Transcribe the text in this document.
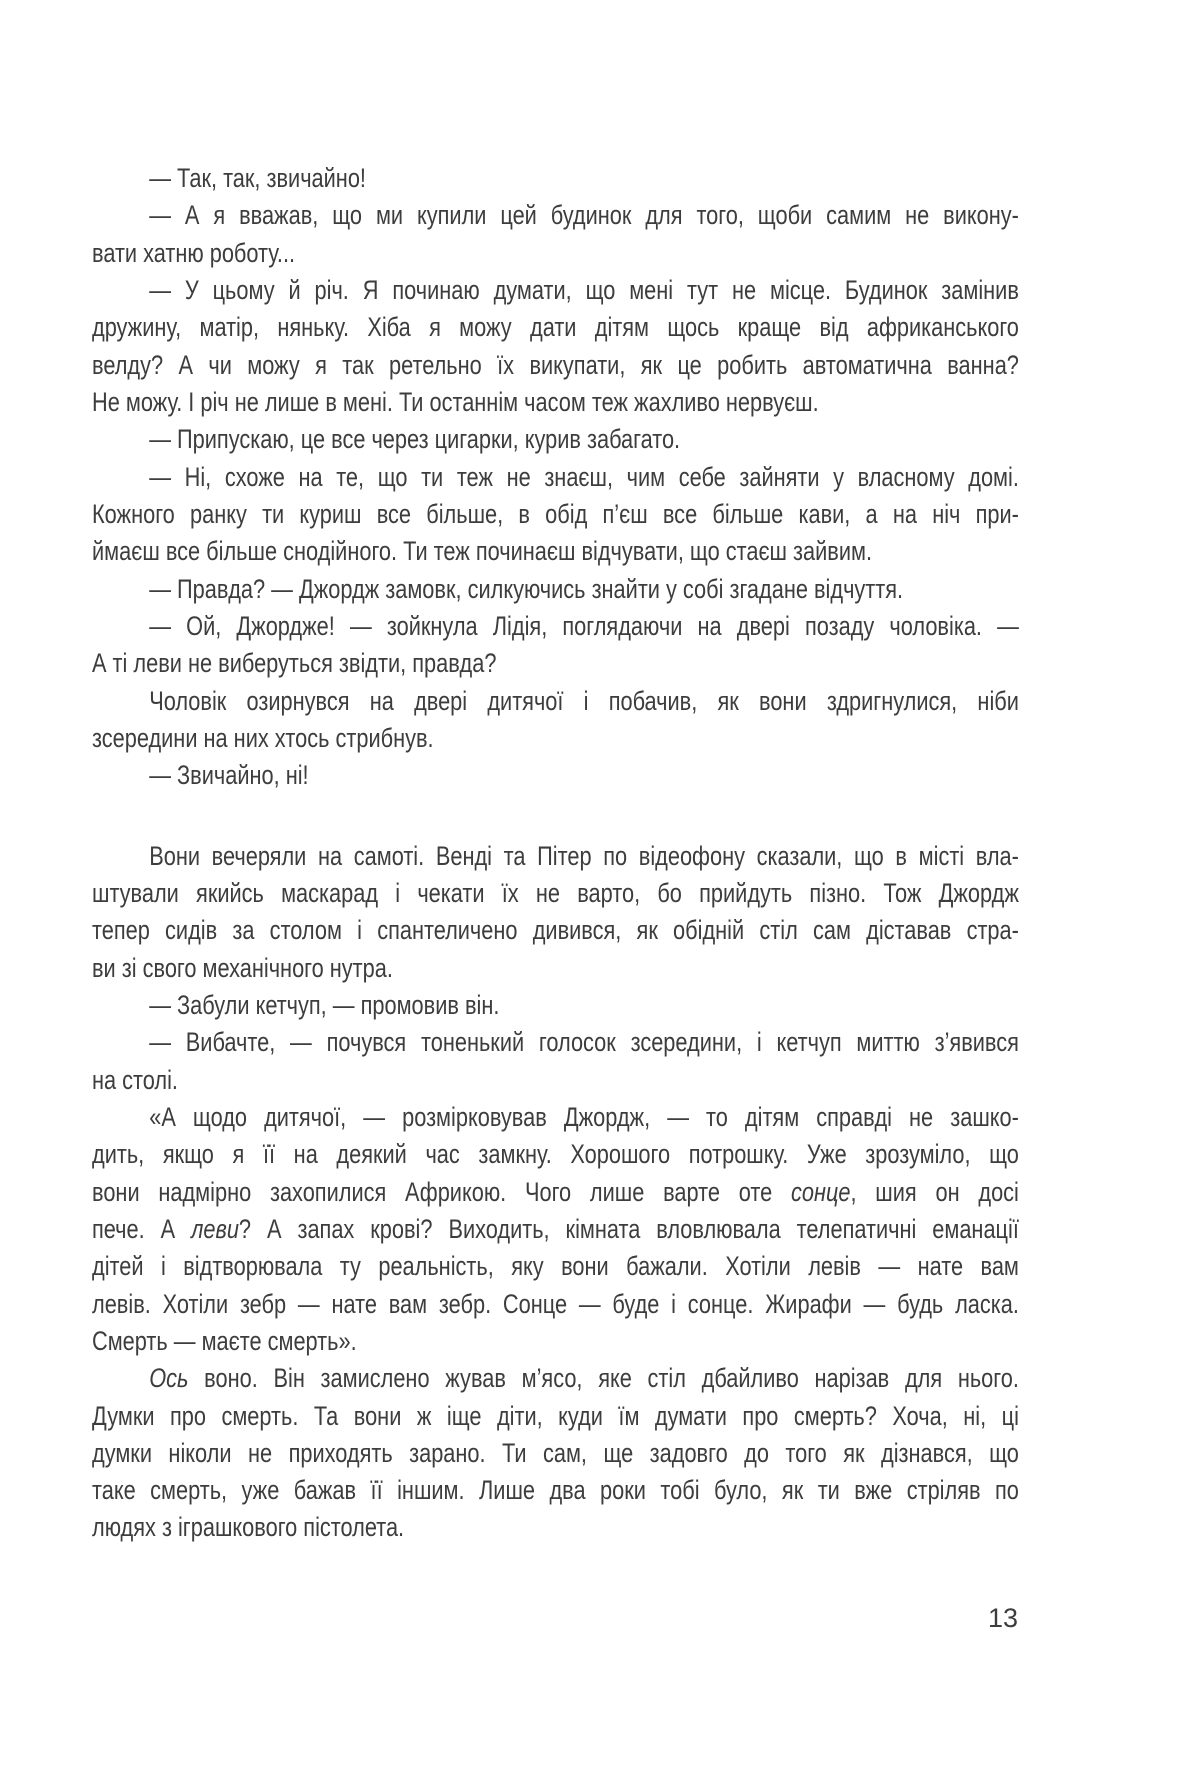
— Так, так, звичайно!
— А я вважав, що ми купили цей будинок для того, щоби самим не викону-
вати хатню роботу...
— У цьому й річ. Я починаю думати, що мені тут не місце. Будинок замінив
дружину, матір, няньку. Хіба я можу дати дітям щось краще від африканського
велду? А чи можу я так ретельно їх викупати, як це робить автоматична ванна?
Не можу. І річ не лише в мені. Ти останнім часом теж жахливо нервуєш.
— Припускаю, це все через цигарки, курив забагато.
— Ні, схоже на те, що ти теж не знаєш, чим себе зайняти у власному домі.
Кожного ранку ти куриш все більше, в обід п’єш все більше кави, а на ніч при-
ймаєш все більше снодійного. Ти теж починаєш відчувати, що стаєш зайвим.
— Правда? — Джордж замовк, силкуючись знайти у собі згадане відчуття.
— Ой, Джордже! — зойкнула Лідія, поглядаючи на двері позаду чоловіка. —
А ті леви не виберуться звідти, правда?
Чоловік озирнувся на двері дитячої і побачив, як вони здригнулися, ніби
зсередини на них хтось стрибнув.
— Звичайно, ні!
Вони вечеряли на самоті. Венді та Пітер по відеофону сказали, що в місті вла-
штували якийсь маскарад і чекати їх не варто, бо прийдуть пізно. Тож Джордж
тепер сидів за столом і спантеличено дивився, як обідній стіл сам діставав стра-
ви зі свого механічного нутра.
— Забули кетчуп, — промовив він.
— Вибачте, — почувся тоненький голосок зсередини, і кетчуп миттю з’явився
на столі.
«А щодо дитячої, — розмірковував Джордж, — то дітям справді не зашко-
дить, якщо я її на деякий час замкну. Хорошого потрошку. Уже зрозуміло, що
вони надмірно захопилися Африкою. Чого лише варте оте сонце, шия он досі
пече. А леви? А запах крові? Виходить, кімната вловлювала телепатичні еманації
дітей і відтворювала ту реальність, яку вони бажали. Хотіли левів — нате вам
левів. Хотіли зебр — нате вам зебр. Сонце — буде і сонце. Жирафи — будь ласка.
Смерть — маєте смерть».
Ось воно. Він замислено жував м’ясо, яке стіл дбайливо нарізав для нього.
Думки про смерть. Та вони ж іще діти, куди їм думати про смерть? Хоча, ні, ці
думки ніколи не приходять зарано. Ти сам, ще задовго до того як дізнався, що
таке смерть, уже бажав її іншим. Лише два роки тобі було, як ти вже стріляв по
людях з іграшкового пістолета.
13
